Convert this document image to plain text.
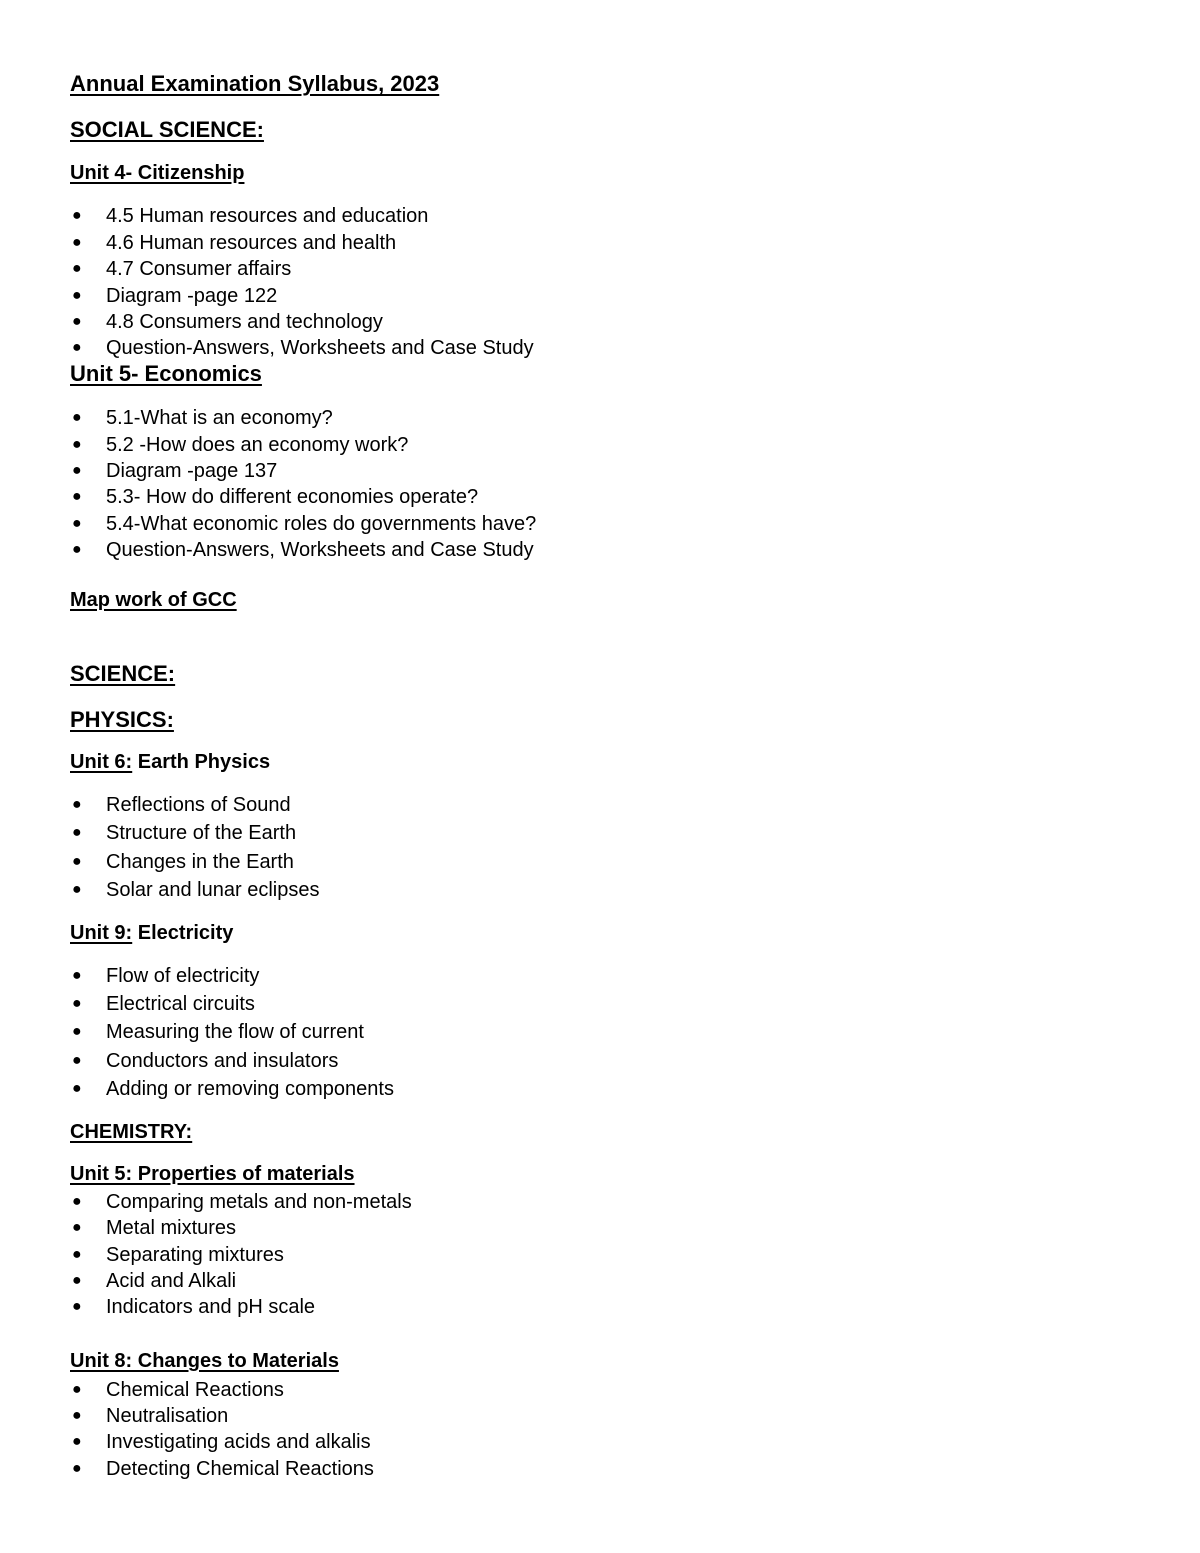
Annual Examination Syllabus, 2023
SOCIAL SCIENCE:
Unit 4- Citizenship
● 4.5 Human resources and education
● 4.6 Human resources and health
● 4.7 Consumer affairs
● Diagram -page 122
● 4.8 Consumers and technology
● Question-Answers, Worksheets and Case Study
Unit 5- Economics
● 5.1-What is an economy?
● 5.2 -How does an economy work?
● Diagram -page 137
● 5.3- How do different economies operate?
● 5.4-What economic roles do governments have?
● Question-Answers, Worksheets and Case Study
Map work of GCC
SCIENCE:
PHYSICS:
Unit 6: Earth Physics
● Reflections of Sound
● Structure of the Earth
● Changes in the Earth
● Solar and lunar eclipses
Unit 9: Electricity
● Flow of electricity
● Electrical circuits
● Measuring the flow of current
● Conductors and insulators
● Adding or removing components
CHEMISTRY:
Unit 5: Properties of materials
● Comparing metals and non-metals
● Metal mixtures
● Separating mixtures
● Acid and Alkali
● Indicators and pH scale
Unit 8: Changes to Materials
● Chemical Reactions
● Neutralisation
● Investigating acids and alkalis
● Detecting Chemical Reactions
